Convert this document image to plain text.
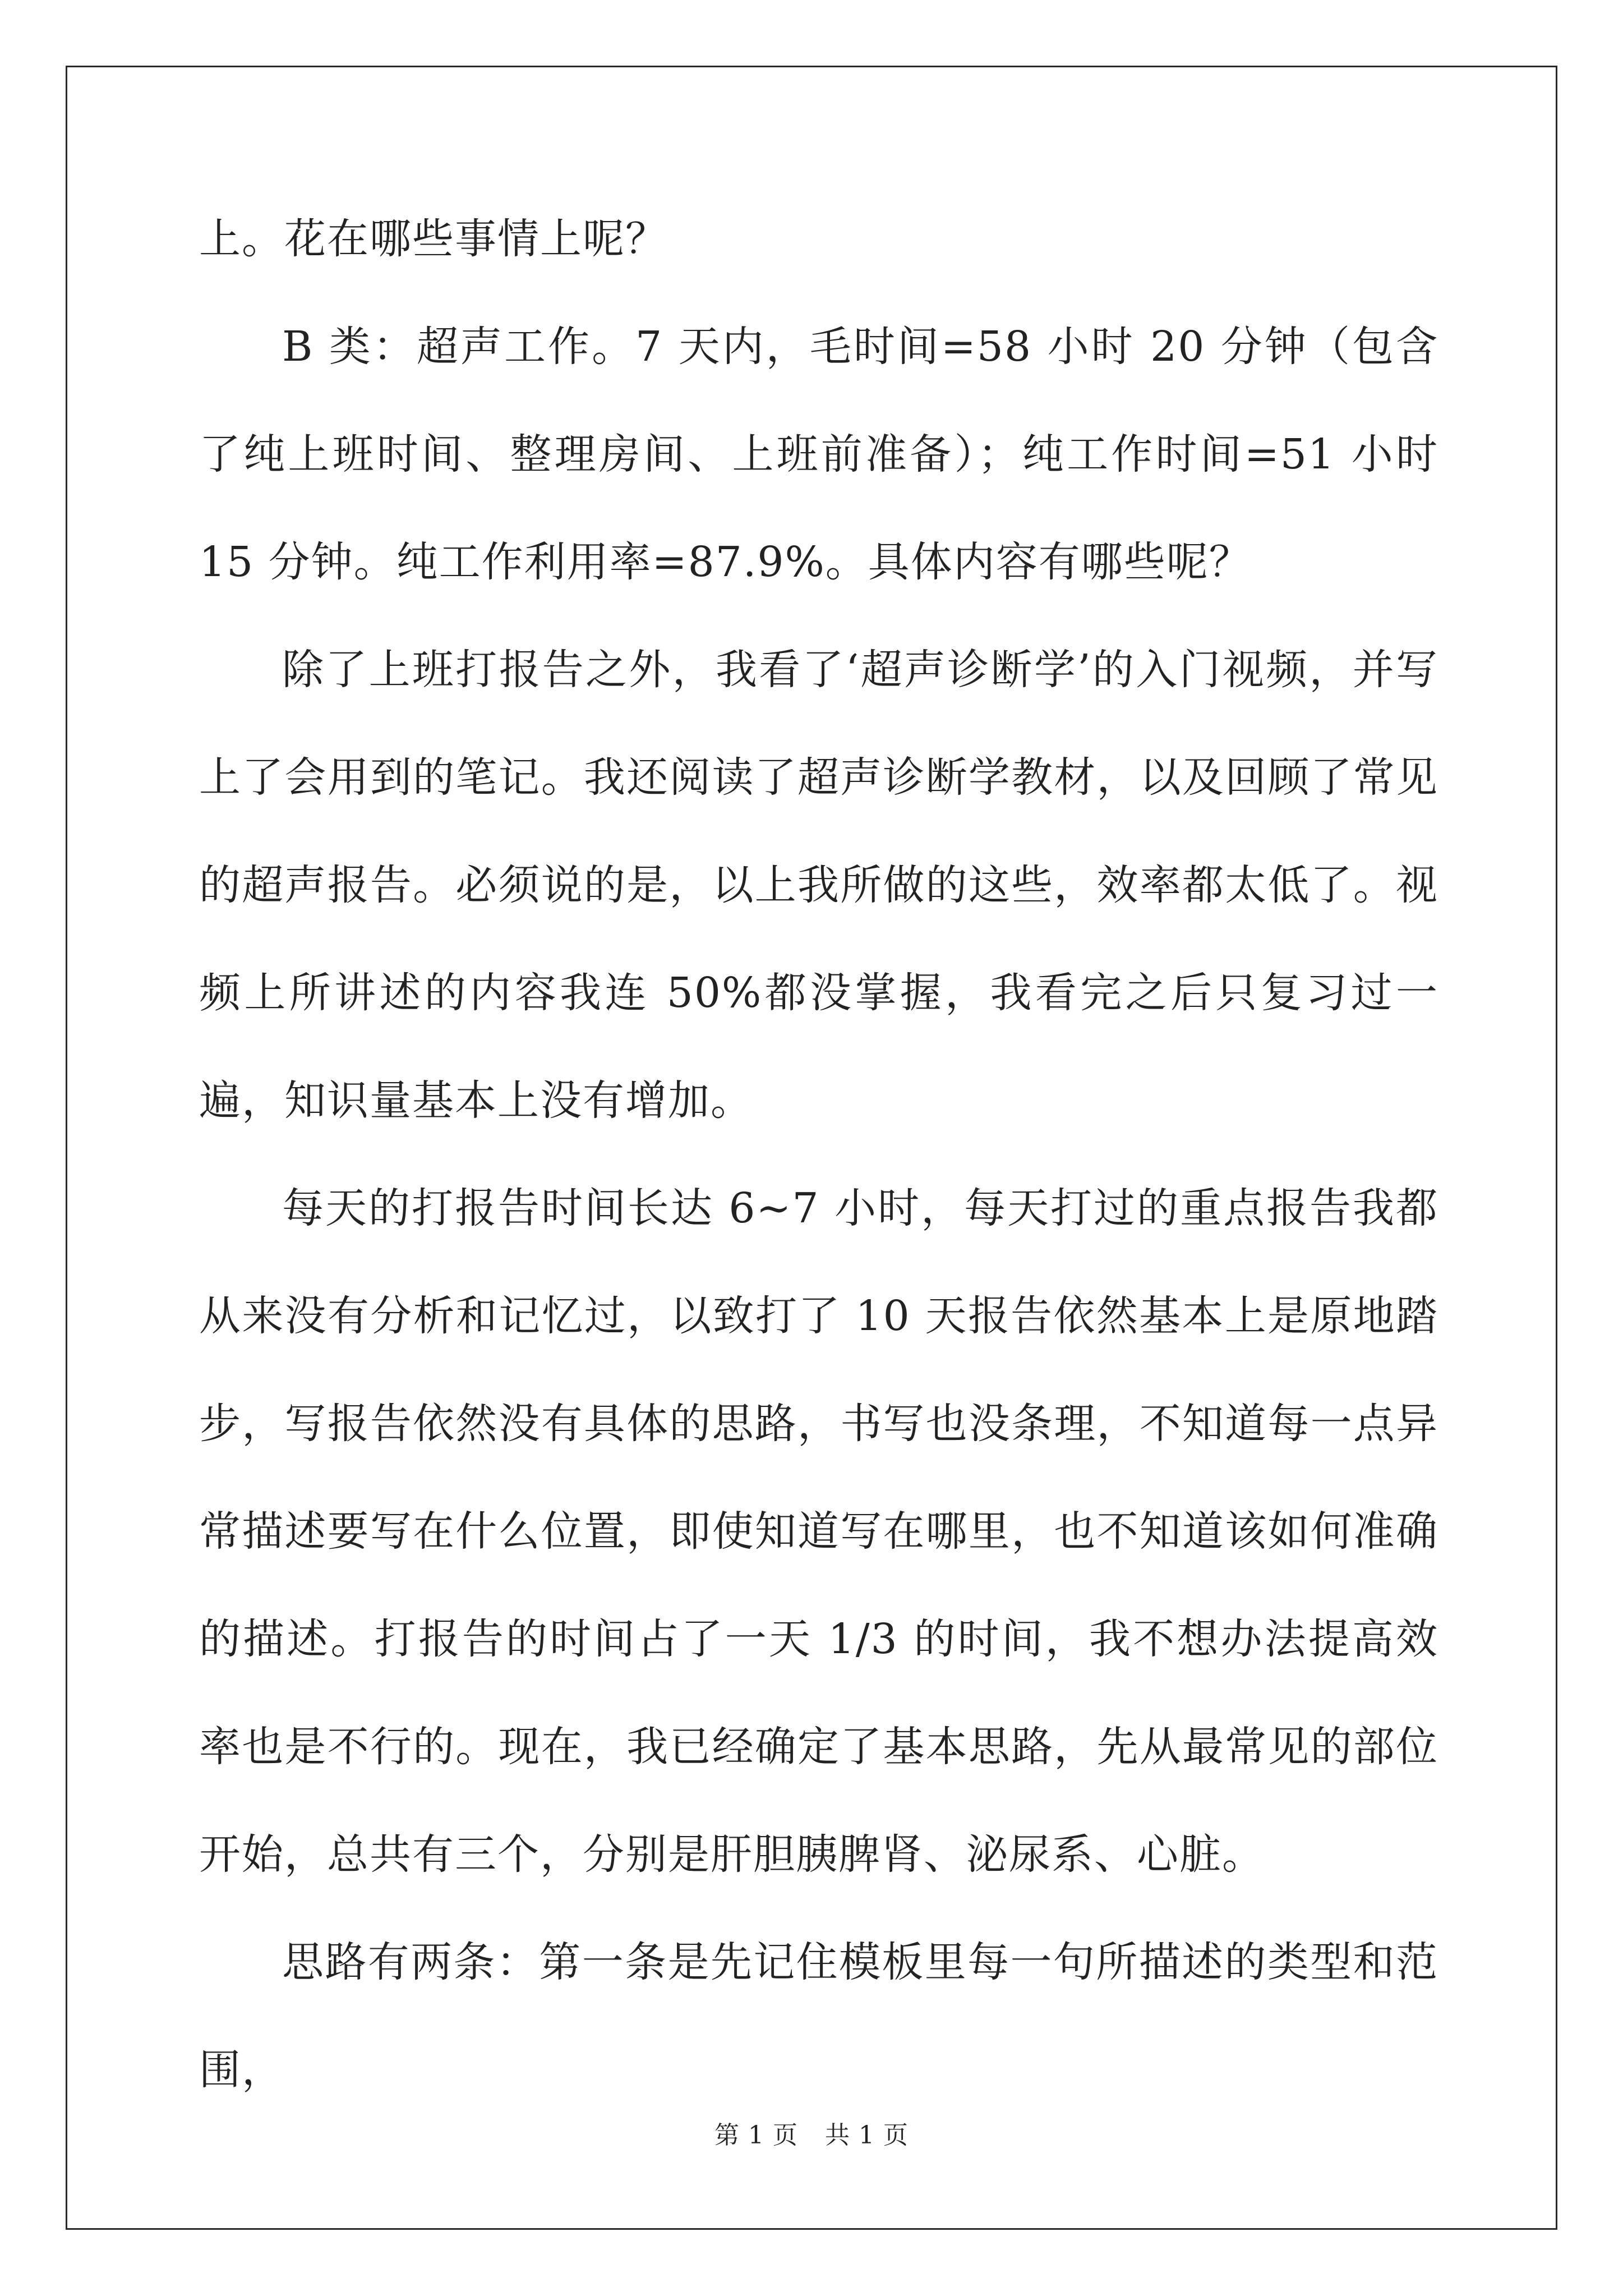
上。花在哪些事情上呢？

B 类：超声工作。7 天内，毛时间=58 小时 20 分钟（包含了纯上班时间、整理房间、上班前准备）；纯工作时间=51 小时 15 分钟。纯工作利用率=87.9%。具体内容有哪些呢？

除了上班打报告之外，我看了‘超声诊断学’的入门视频，并写上了会用到的笔记。我还阅读了超声诊断学教材，以及回顾了常见的超声报告。必须说的是，以上我所做的这些，效率都太低了。视频上所讲述的内容我连 50%都没掌握，我看完之后只复习过一遍，知识量基本上没有增加。

每天的打报告时间长达 6~7 小时，每天打过的重点报告我都从来没有分析和记忆过，以致打了 10 天报告依然基本上是原地踏步，写报告依然没有具体的思路，书写也没条理，不知道每一点异常描述要写在什么位置，即使知道写在哪里，也不知道该如何准确的描述。打报告的时间占了一天 1/3 的时间，我不想办法提高效率也是不行的。现在，我已经确定了基本思路，先从最常见的部位开始，总共有三个，分别是肝胆胰脾肾、泌尿系、心脏。

思路有两条：第一条是先记住模板里每一句所描述的类型和范围，

第 1 页 共 1 页
